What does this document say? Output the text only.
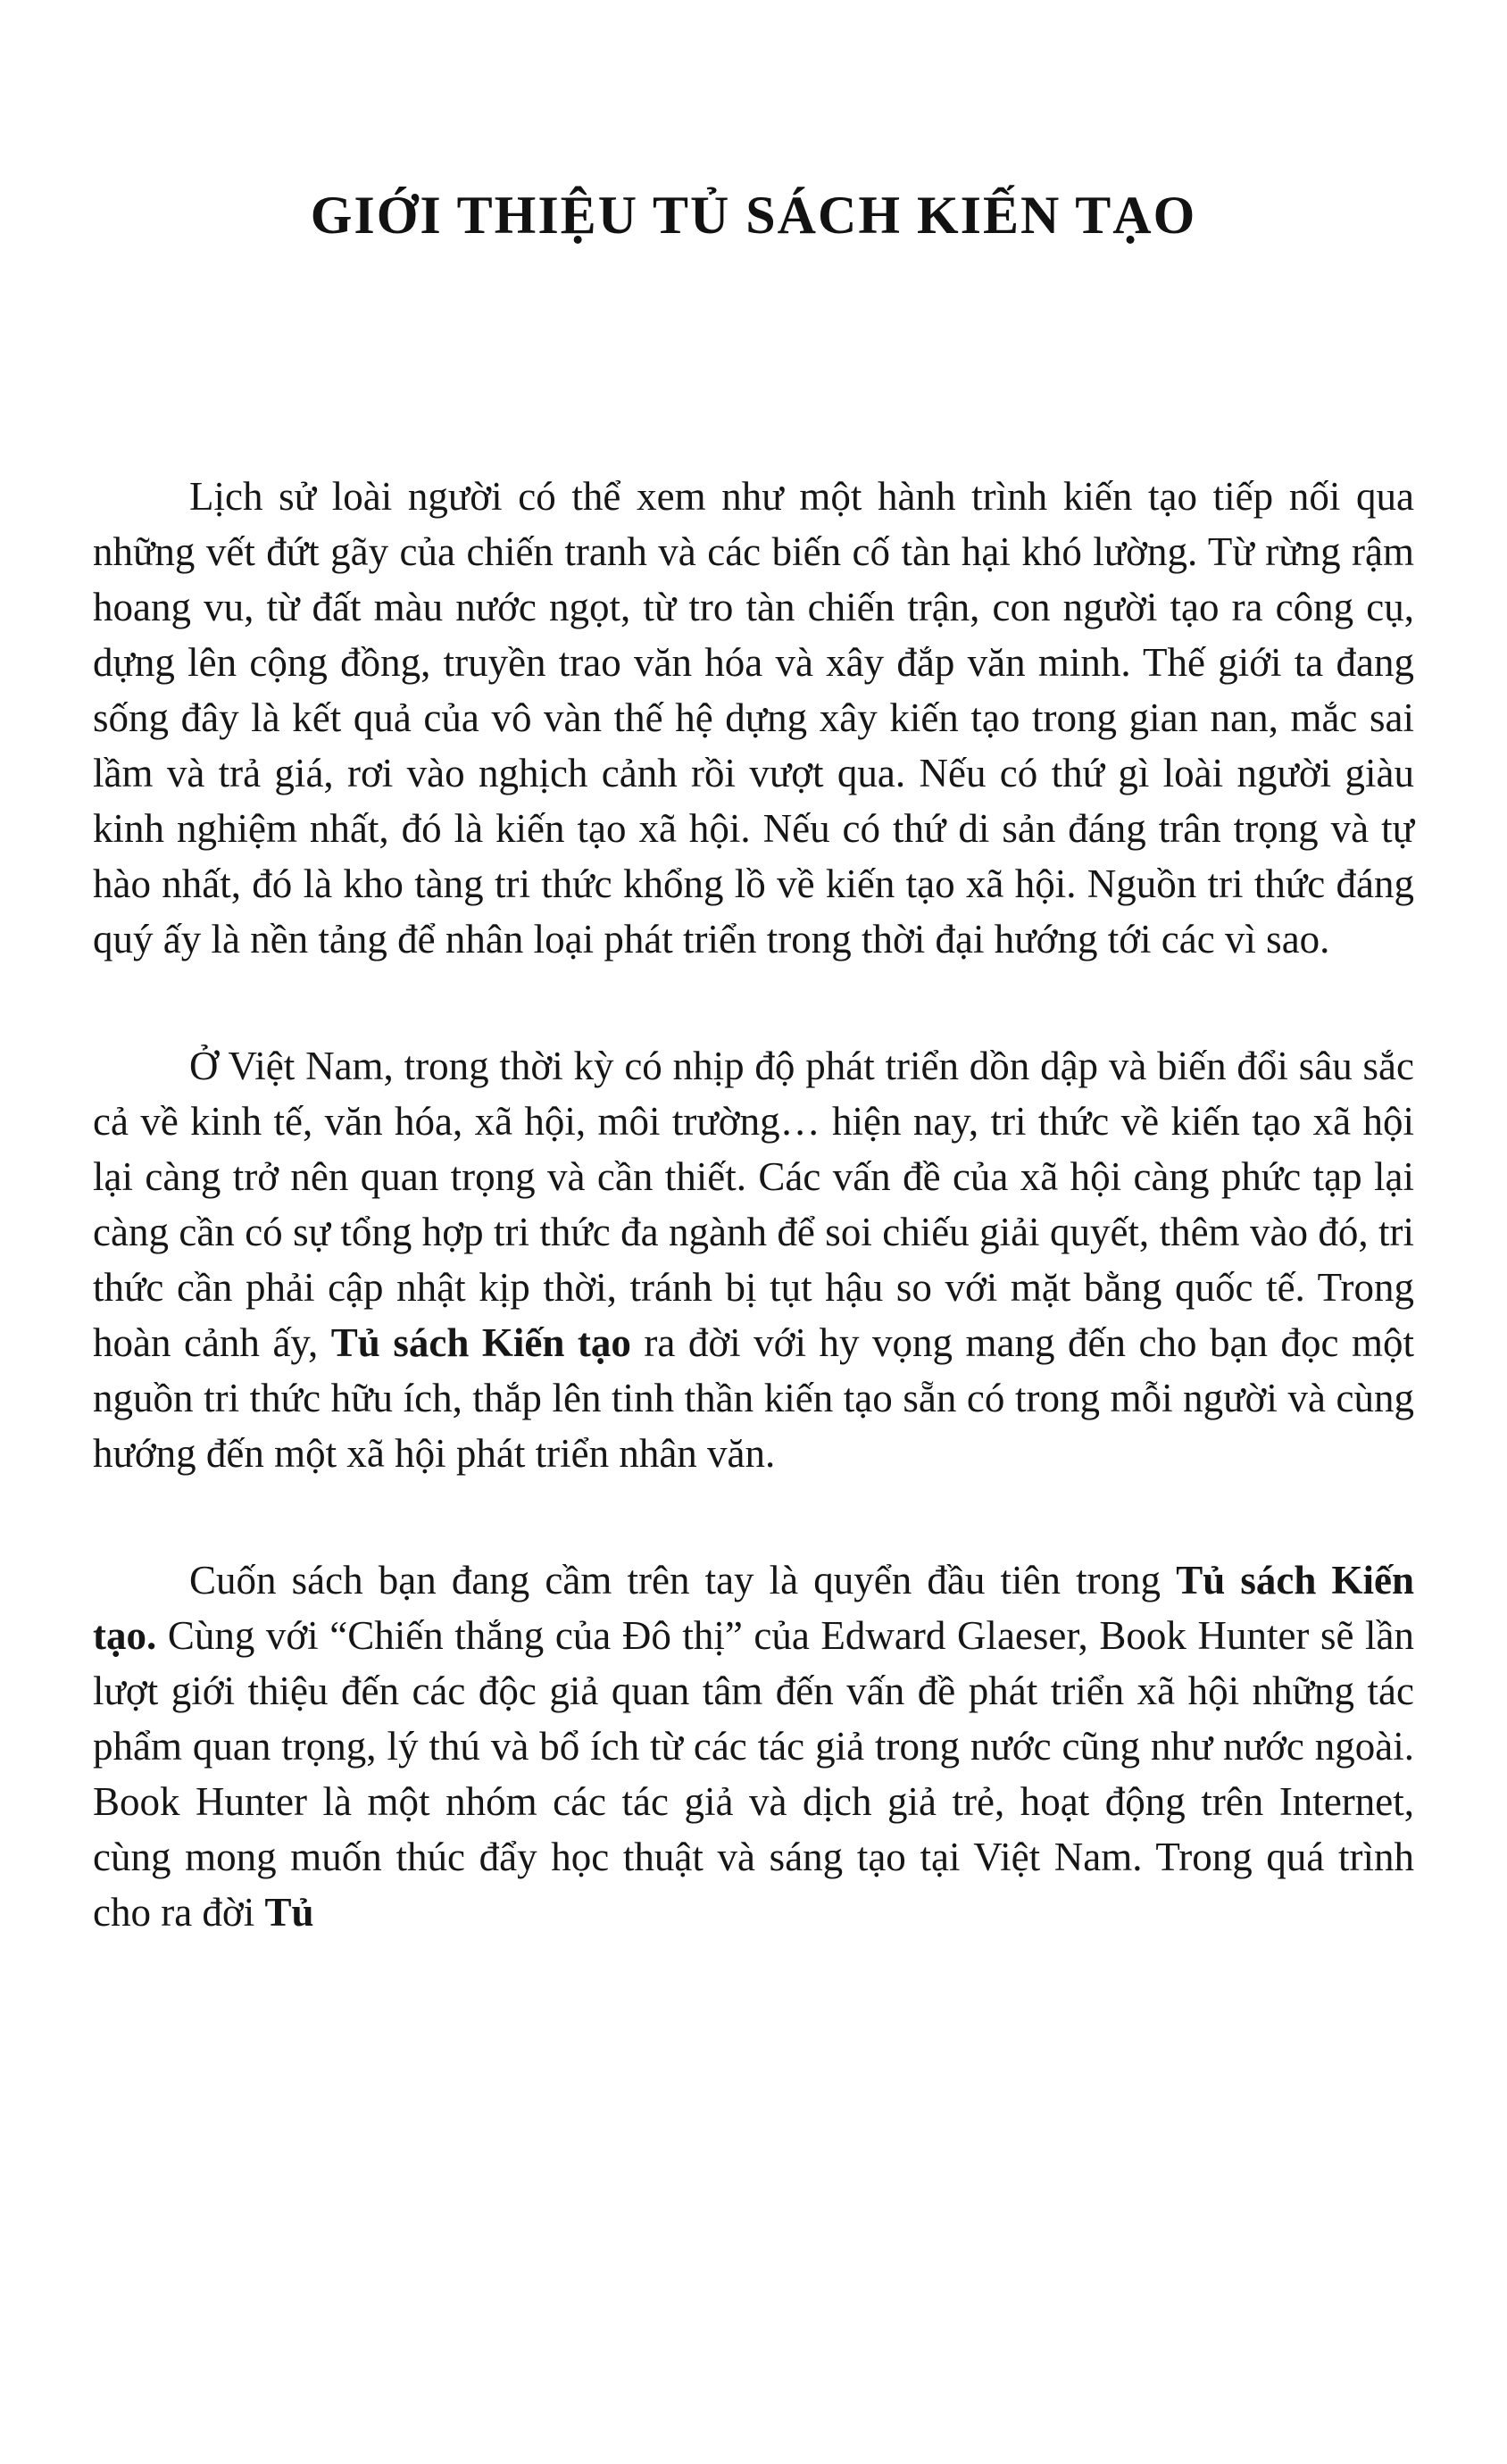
GIỚI THIỆU TỦ SÁCH KIẾN TẠO

Lịch sử loài người có thể xem như một hành trình kiến tạo tiếp nối qua những vết đứt gãy của chiến tranh và các biến cố tàn hại khó lường. Từ rừng rậm hoang vu, từ đất màu nước ngọt, từ tro tàn chiến trận, con người tạo ra công cụ, dựng lên cộng đồng, truyền trao văn hóa và xây đắp văn minh. Thế giới ta đang sống đây là kết quả của vô vàn thế hệ dựng xây kiến tạo trong gian nan, mắc sai lầm và trả giá, rơi vào nghịch cảnh rồi vượt qua. Nếu có thứ gì loài người giàu kinh nghiệm nhất, đó là kiến tạo xã hội. Nếu có thứ di sản đáng trân trọng và tự hào nhất, đó là kho tàng tri thức khổng lồ về kiến tạo xã hội. Nguồn tri thức đáng quý ấy là nền tảng để nhân loại phát triển trong thời đại hướng tới các vì sao.

Ở Việt Nam, trong thời kỳ có nhịp độ phát triển dồn dập và biến đổi sâu sắc cả về kinh tế, văn hóa, xã hội, môi trường… hiện nay, tri thức về kiến tạo xã hội lại càng trở nên quan trọng và cần thiết. Các vấn đề của xã hội càng phức tạp lại càng cần có sự tổng hợp tri thức đa ngành để soi chiếu giải quyết, thêm vào đó, tri thức cần phải cập nhật kịp thời, tránh bị tụt hậu so với mặt bằng quốc tế. Trong hoàn cảnh ấy, Tủ sách Kiến tạo ra đời với hy vọng mang đến cho bạn đọc một nguồn tri thức hữu ích, thắp lên tinh thần kiến tạo sẵn có trong mỗi người và cùng hướng đến một xã hội phát triển nhân văn.

Cuốn sách bạn đang cầm trên tay là quyển đầu tiên trong Tủ sách Kiến tạo. Cùng với “Chiến thắng của Đô thị” của Edward Glaeser, Book Hunter sẽ lần lượt giới thiệu đến các độc giả quan tâm đến vấn đề phát triển xã hội những tác phẩm quan trọng, lý thú và bổ ích từ các tác giả trong nước cũng như nước ngoài. Book Hunter là một nhóm các tác giả và dịch giả trẻ, hoạt động trên Internet, cùng mong muốn thúc đẩy học thuật và sáng tạo tại Việt Nam. Trong quá trình cho ra đời Tủ
